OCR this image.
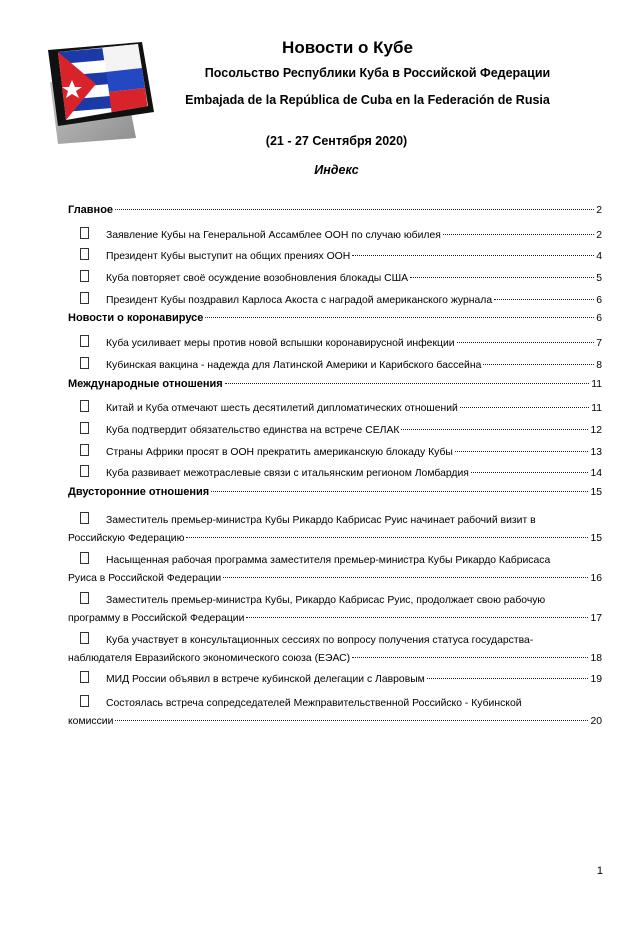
Новости о Кубе
Посольство Республики Куба в Российской Федерации
Embajada de la República de Cuba en la Federación de Rusia
(21 - 27 Сентября 2020)
Индекс
Главное	2
Заявление Кубы на Генеральной Ассамблее ООН по случаю юбилея	2
Президент Кубы выступит на общих прениях ООН	4
Куба повторяет своё осуждение возобновления блокады США	5
Президент Кубы поздравил Карлоса Акоста с наградой американского журнала	6
Новости о коронавирусе	6
Куба усиливает меры против новой вспышки коронавирусной инфекции	7
Кубинская вакцина - надежда для Латинской Америки и Карибского бассейна	8
Международные отношения	11
Китай и Куба отмечают шесть десятилетий дипломатических отношений	11
Куба подтвердит обязательство единства на встрече СЕЛАК	12
Страны Африки просят в ООН прекратить американскую блокаду Кубы	13
Куба развивает межотраслевые связи с итальянским регионом Ломбардия	14
Двусторонние отношения	15
Заместитель премьер-министра Кубы Рикардо Кабрисас Руис начинает рабочий визит в
Российскую Федерацию	15
Насыщенная рабочая программа заместителя премьер-министра Кубы Рикардо Кабрисаса
Руиса в Российской Федерации	16
Заместитель премьер-министра Кубы, Рикардо Кабрисас Руис, продолжает свою рабочую
программу в Российской Федерации	17
Куба участвует в консультационных сессиях по вопросу получения статуса государства-
наблюдателя Евразийского экономического союза (ЕЭАС)	18
МИД России объявил в встрече кубинской делегации с Лавровым	19
Состоялась встреча сопредседателей Межправительственной Российско - Кубинской
комиссии	20
1
